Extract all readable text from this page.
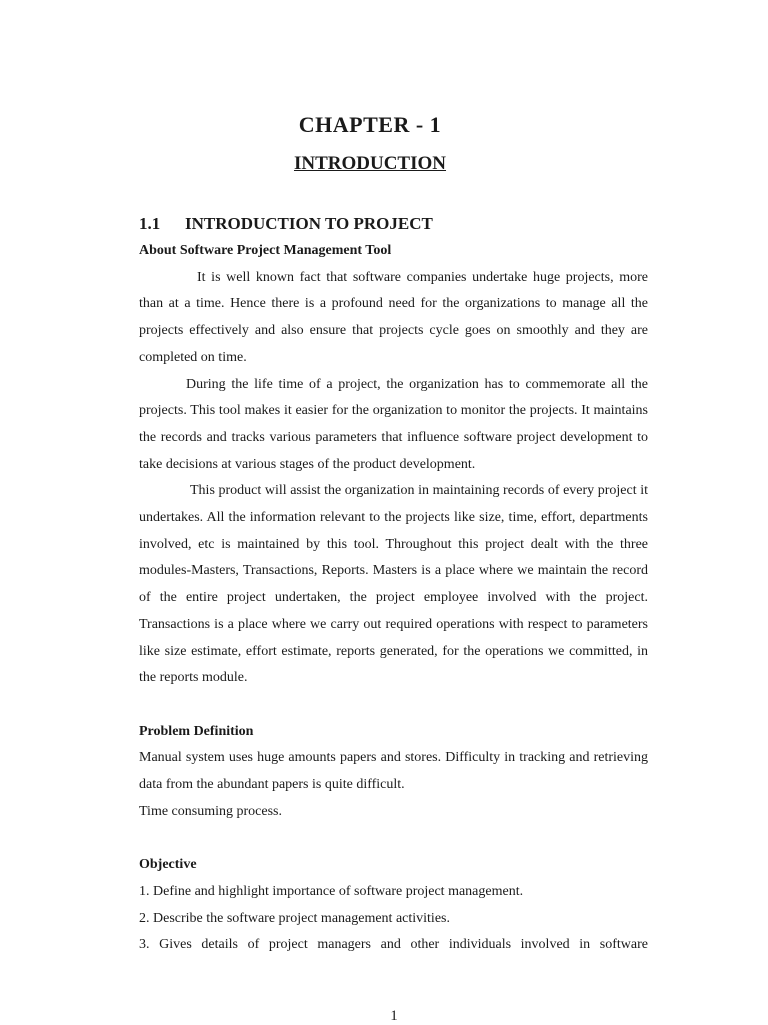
CHAPTER - 1
INTRODUCTION
1.1 INTRODUCTION TO PROJECT
About Software Project Management Tool

It is well known fact that software companies undertake huge projects, more than at a time. Hence there is a profound need for the organizations to manage all the projects effectively and also ensure that projects cycle goes on smoothly and they are completed on time.

During the life time of a project, the organization has to commemorate all the projects. This tool makes it easier for the organization to monitor the projects. It maintains the records and tracks various parameters that influence software project development to take decisions at various stages of the product development.

This product will assist the organization in maintaining records of every project it undertakes. All the information relevant to the projects like size, time, effort, departments involved, etc is maintained by this tool. Throughout this project dealt with the three modules-Masters, Transactions, Reports. Masters is a place where we maintain the record of the entire project undertaken, the project employee involved with the project. Transactions is a place where we carry out required operations with respect to parameters like size estimate, effort estimate, reports generated, for the operations we committed, in the reports module.

Problem Definition

Manual system uses huge amounts papers and stores. Difficulty in tracking and retrieving data from the abundant papers is quite difficult.

Time consuming process.

Objective

1. Define and highlight importance of software project management.

2. Describe the software project management activities.

3. Gives details of project managers and other individuals involved in software

1
